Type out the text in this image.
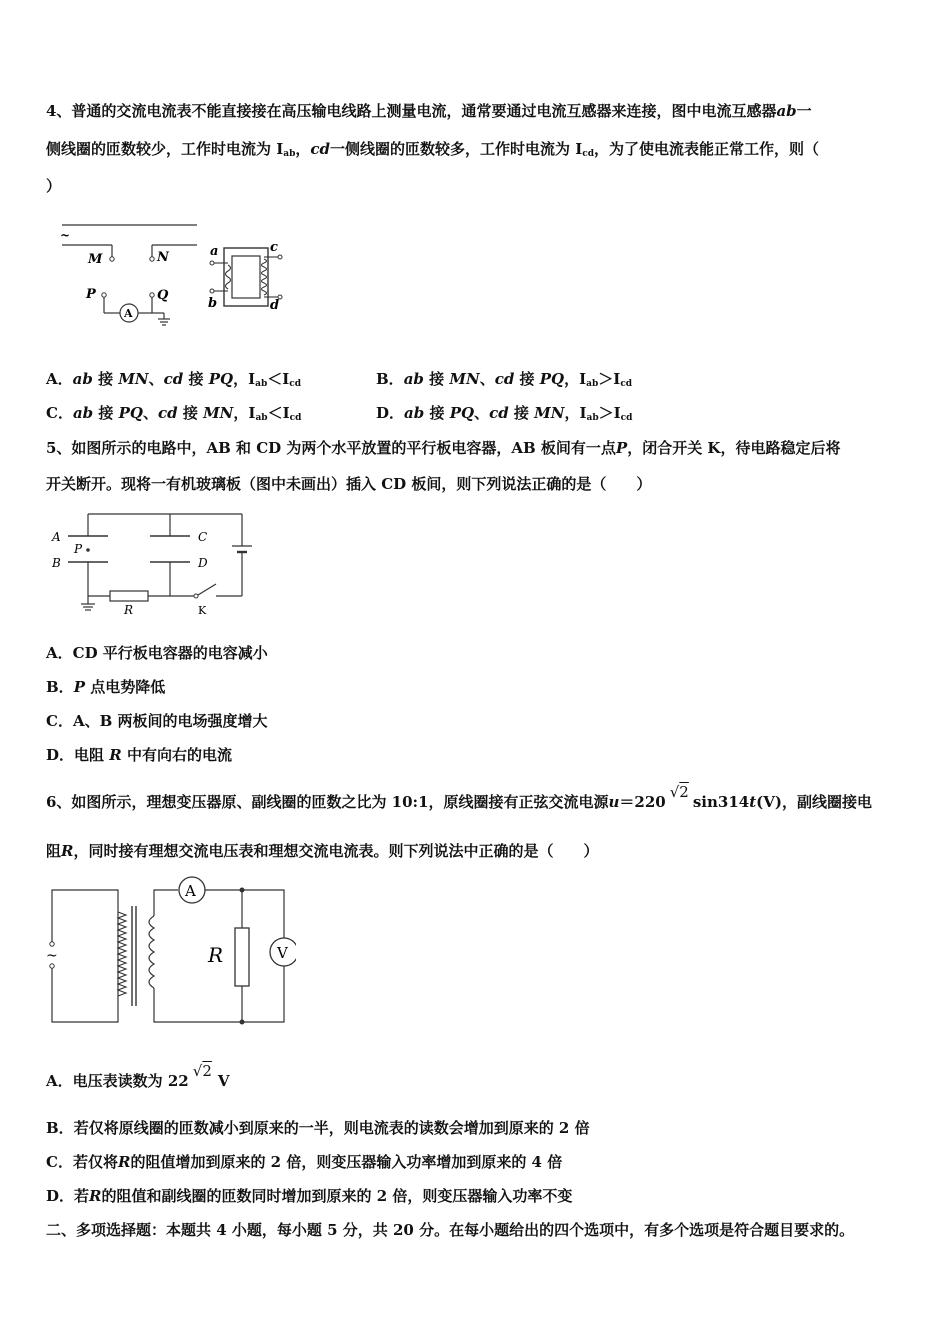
4、普通的交流电流表不能直接接在高压输电线路上测量电流，通常要通过电流互感器来连接，图中电流互感器ab一
侧线圈的匝数较少，工作时电流为 $I_{ab}$，cd一侧线圈的匝数较多，工作时电流为 $I_{cd}$，为了使电流表能正常工作，则（
）
~
M	N
P
A
Q
a
b
c
d
A．ab 接 MN、cd 接 PQ，$I_{ab}<I_{cd}$	B．ab 接 MN、cd 接 PQ，$I_{ab}>I_{cd}$
C．ab 接 PQ、cd 接 MN，$I_{ab}<I_{cd}$	D．ab 接 PQ、cd 接 MN，$I_{ab}>I_{cd}$
5、如图所示的电路中，AB 和 CD 为两个水平放置的平行板电容器，AB 板间有一点P，闭合开关 K，待电路稳定后将
开关断开。现将一有机玻璃板（图中未画出）插入 CD 板间，则下列说法正确的是（　　）
A
B
P
C
D
R	K
A．CD 平行板电容器的电容减小
B．P 点电势降低
C．A、B 两板间的电场强度增大
D．电阻 R 中有向右的电流
6、如图所示，理想变压器原、副线圈的匝数之比为 10:1，原线圈接有正弦交流电源u＝220√2sin314t(V)，副线圈接电
阻R，同时接有理想交流电压表和理想交流电流表。则下列说法中正确的是（　　）
~
A
R	V
A．电压表读数为 22√2V
B．若仅将原线圈的匝数减小到原来的一半，则电流表的读数会增加到原来的 2 倍
C．若仅将R的阻值增加到原来的 2 倍，则变压器输入功率增加到原来的 4 倍
D．若R的阻值和副线圈的匝数同时增加到原来的 2 倍，则变压器输入功率不变
二、多项选择题：本题共 4 小题，每小题 5 分，共 20 分。在每小题给出的四个选项中，有多个选项是符合题目要求的。
